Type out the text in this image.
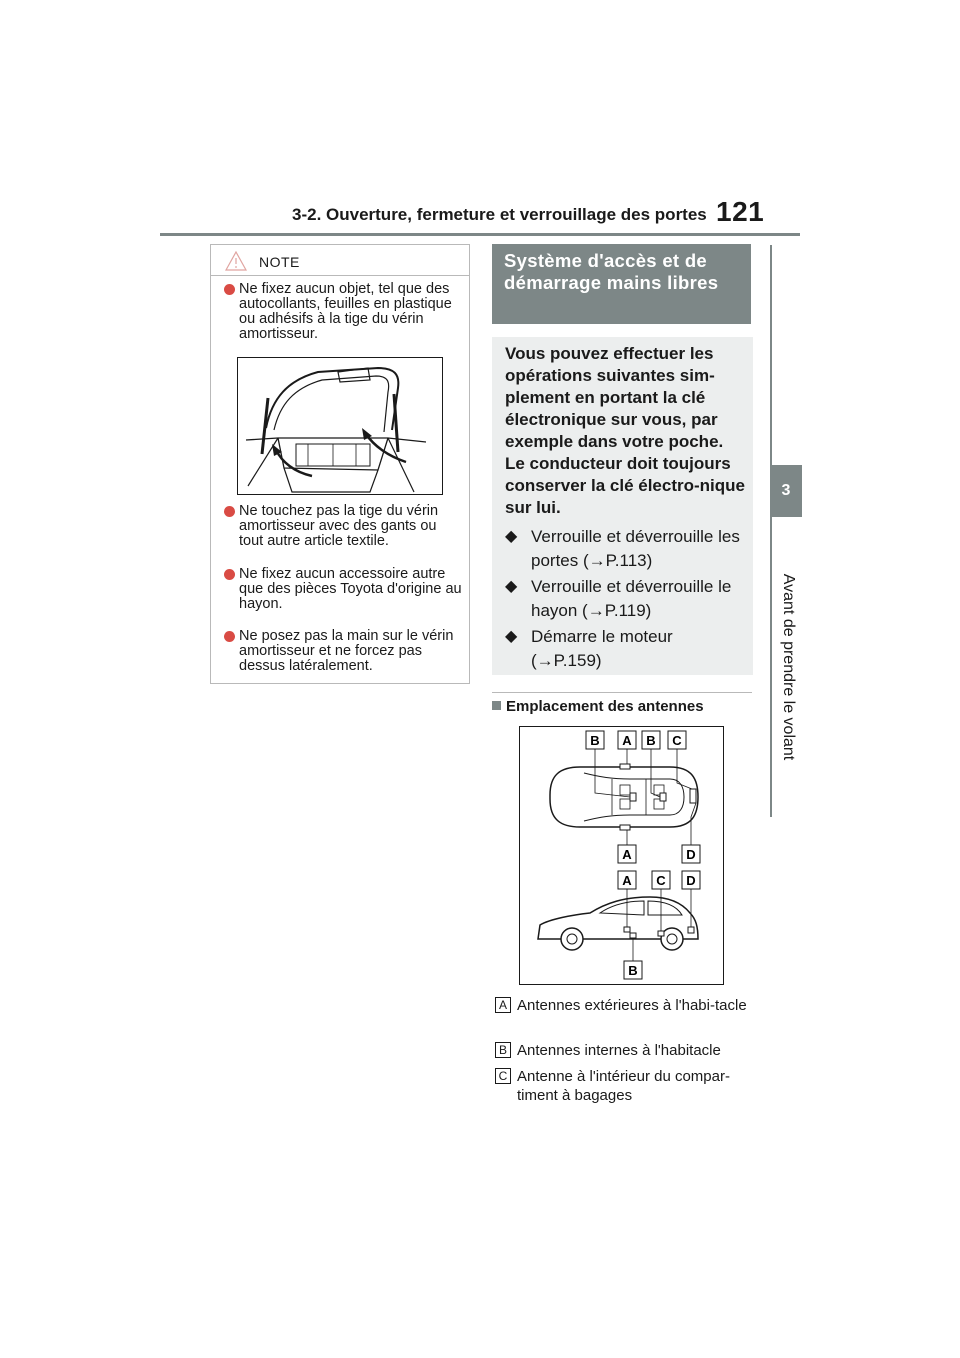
3-2. Ouverture, fermeture et verrouillage des portes 121
3
Avant de prendre le volant
NOTE
Ne fixez aucun objet, tel que des autocollants, feuilles en plastique ou adhésifs à la tige du vérin amortisseur.
Ne touchez pas la tige du vérin amortisseur avec des gants ou tout autre article textile.
Ne fixez aucun accessoire autre que des pièces Toyota d'origine au hayon.
Ne posez pas la main sur le vérin amortisseur et ne forcez pas dessus latéralement.
Système d'accès et de démarrage mains libres
Vous pouvez effectuer les opérations suivantes sim-plement en portant la clé électronique sur vous, par exemple dans votre poche. Le conducteur doit toujours conserver la clé électro-nique sur lui.
◆ Verrouille et déverrouille les portes (→P.113)
◆ Verrouille et déverrouille le hayon (→P.119)
◆ Démarre le moteur (→P.159)
Emplacement des antennes
B A B C
A	D
A C D
B
A Antennes extérieures à l'habi-tacle
B Antennes internes à l'habitacle
C Antenne à l'intérieur du compar-timent à bagages
